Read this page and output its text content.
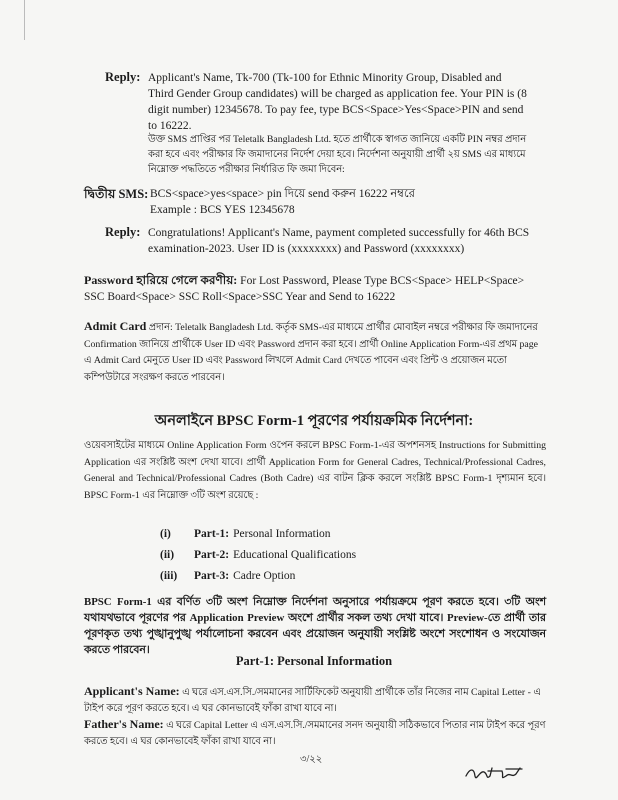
Reply: Applicant's Name, Tk-700 (Tk-100 for Ethnic Minority Group, Disabled and Third Gender Group candidates) will be charged as application fee. Your PIN is (8 digit number) 12345678. To pay fee, type BCS<Space>Yes<Space>PIN and send to 16222.
উক্ত SMS প্রাপ্তির পর Teletalk Bangladesh Ltd. হতে প্রার্থীকে স্বাগত জানিয়ে একটি PIN নম্বর প্রদান করা হবে এবং পরীক্ষার ফি জমাদানের নির্দেশ দেয়া হবে। নির্দেশনা অনুযায়ী প্রার্থী ২য় SMS এর মাধ্যমে নিম্নোক্ত পদ্ধতিতে পরীক্ষার নির্ধারিত ফি জমা দিবেন:
দ্বিতীয় SMS: BCS<space>yes<space> pin দিয়ে send করুন 16222 নম্বরে
Example : BCS YES 12345678
Reply: Congratulations! Applicant's Name, payment completed successfully for 46th BCS examination-2023. User ID is (xxxxxxxx) and Password (xxxxxxxx)
Password হারিয়ে গেলে করণীয়: For Lost Password, Please Type BCS<Space> HELP<Space> SSC Board<Space> SSC Roll<Space>SSC Year and Send to 16222
Admit Card প্রদান: Teletalk Bangladesh Ltd. কর্তৃক SMS-এর মাধ্যমে প্রার্থীর মোবাইল নম্বরে পরীক্ষার ফি জমাদানের Confirmation জানিয়ে প্রার্থীকে User ID এবং Password প্রদান করা হবে। প্রার্থী Online Application Form-এর প্রথম page এ Admit Card মেনুতে User ID এবং Password লিখলে Admit Card দেখতে পাবেন এবং প্রিন্ট ও প্রয়োজন মতো কম্পিউটারে সংরক্ষণ করতে পারবেন।
অনলাইনে BPSC Form-1 পূরণের পর্যায়ক্রমিক নির্দেশনা:
ওয়েবসাইটের মাধ্যমে Online Application Form ওপেন করলে BPSC Form-1-এর অপশনসহ Instructions for Submitting Application এর সংশ্লিষ্ট অংশ দেখা যাবে। প্রার্থী Application Form for General Cadres, Technical/Professional Cadres, General and Technical/Professional Cadres (Both Cadre) এর বাটন ক্লিক করলে সংশ্লিষ্ট BPSC Form-1 দৃশ্যমান হবে। BPSC Form-1 এর নিম্নোক্ত ৩টি অংশ রয়েছে :
(i) Part-1: Personal Information
(ii) Part-2: Educational Qualifications
(iii) Part-3: Cadre Option
BPSC Form-1 এর বর্ণিত ৩টি অংশ নিম্নোক্ত নির্দেশনা অনুসারে পর্যায়ক্রমে পূরণ করতে হবে। ৩টি অংশ যথাযথভাবে পূরণের পর Application Preview অংশে প্রার্থীর সকল তথ্য দেখা যাবে। Preview-তে প্রার্থী তার পূরণকৃত তথ্য পুঙ্খানুপুঙ্খ পর্যালোচনা করবেন এবং প্রয়োজন অনুযায়ী সংশ্লিষ্ট অংশে সংশোধন ও সংযোজন করতে পারবেন।
Part-1: Personal Information
Applicant's Name: এ ঘরে এস.এস.সি./সমমানের সার্টিফিকেট অনুযায়ী প্রার্থীকে তাঁর নিজের নাম Capital Letter - এ টাইপ করে পূরণ করতে হবে। এ ঘর কোনভাবেই ফাঁকা রাখা যাবে না।
Father's Name: এ ঘরে Capital Letter এ এস.এস.সি./সমমানের সনদ অনুযায়ী সঠিকভাবে পিতার নাম টাইপ করে পূরণ করতে হবে। এ ঘর কোনভাবেই ফাঁকা রাখা যাবে না।
৩/২২
